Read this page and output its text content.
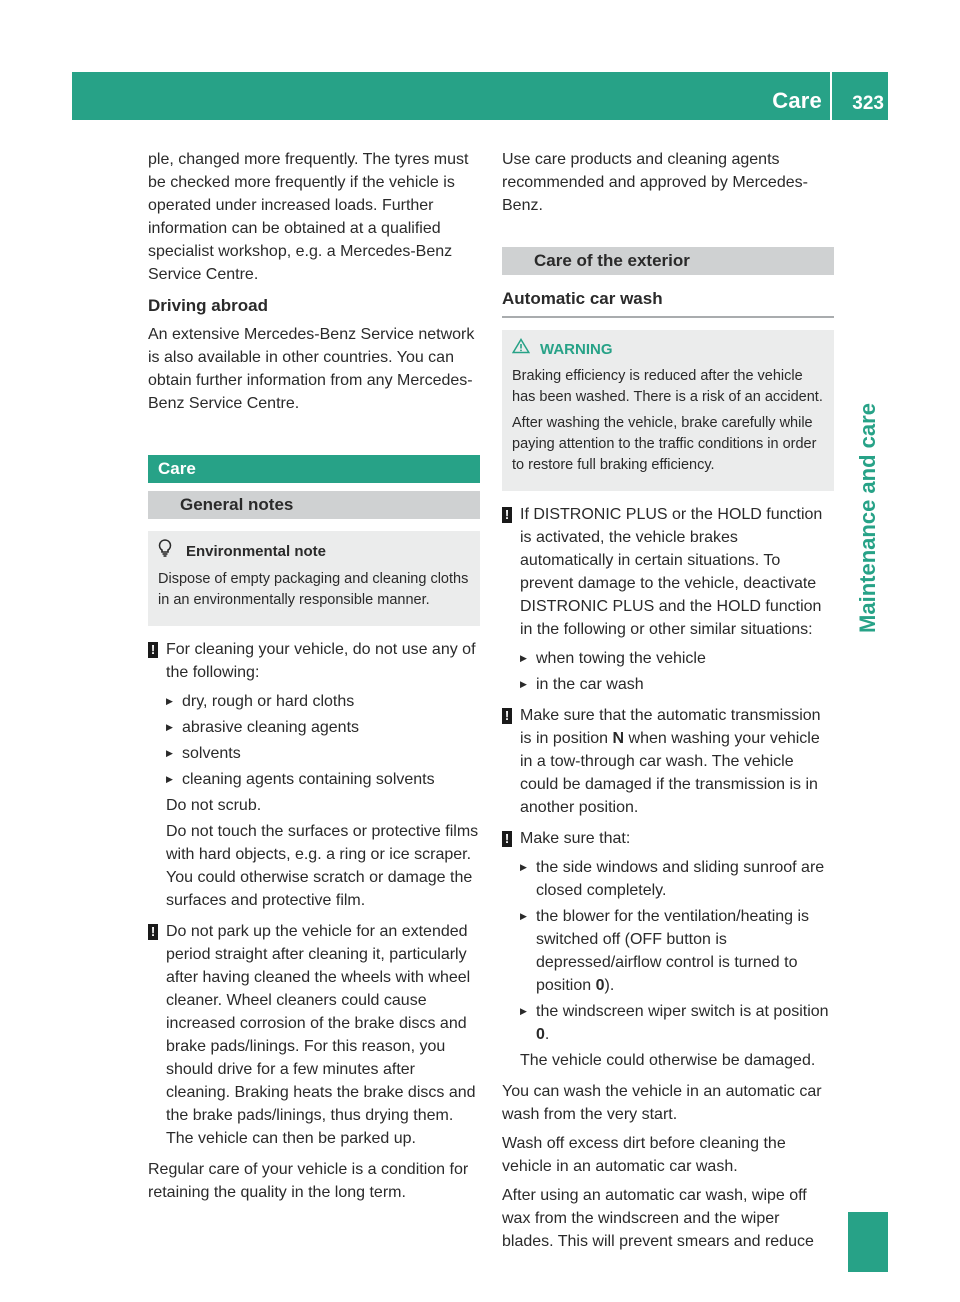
Care 323
Maintenance and care

ple, changed more frequently. The tyres must be checked more frequently if the vehicle is operated under increased loads. Further information can be obtained at a qualified specialist workshop, e.g. a Mercedes-Benz Service Centre.

Driving abroad

An extensive Mercedes-Benz Service network is also available in other countries. You can obtain further information from any Mercedes-Benz Service Centre.

Care
General notes
Environmental note

Dispose of empty packaging and cleaning cloths in an environmentally responsible manner.

! For cleaning your vehicle, do not use any of the following:
▶ dry, rough or hard cloths
▶ abrasive cleaning agents
▶ solvents
▶ cleaning agents containing solvents
Do not scrub.
Do not touch the surfaces or protective films with hard objects, e.g. a ring or ice scraper. You could otherwise scratch or damage the surfaces and protective film.
! Do not park up the vehicle for an extended period straight after cleaning it, particularly after having cleaned the wheels with wheel cleaner. Wheel cleaners could cause increased corrosion of the brake discs and brake pads/linings. For this reason, you should drive for a few minutes after cleaning. Braking heats the brake discs and the brake pads/linings, thus drying them. The vehicle can then be parked up.

Regular care of your vehicle is a condition for retaining the quality in the long term.

Use care products and cleaning agents recommended and approved by Mercedes-Benz.

Care of the exterior
Automatic car wash
WARNING

Braking efficiency is reduced after the vehicle has been washed. There is a risk of an accident.

After washing the vehicle, brake carefully while paying attention to the traffic conditions in order to restore full braking efficiency.

! If DISTRONIC PLUS or the HOLD function is activated, the vehicle brakes automatically in certain situations. To prevent damage to the vehicle, deactivate DISTRONIC PLUS and the HOLD function in the following or other similar situations:
▶ when towing the vehicle
▶ in the car wash
! Make sure that the automatic transmission is in position N when washing your vehicle in a tow-through car wash. The vehicle could be damaged if the transmission is in another position.
! Make sure that:
▶ the side windows and sliding sunroof are closed completely.
▶ the blower for the ventilation/heating is switched off (OFF button is depressed/airflow control is turned to position 0).
▶ the windscreen wiper switch is at position 0.
The vehicle could otherwise be damaged.

You can wash the vehicle in an automatic car wash from the very start.

Wash off excess dirt before cleaning the vehicle in an automatic car wash.

After using an automatic car wash, wipe off wax from the windscreen and the wiper blades. This will prevent smears and reduce
